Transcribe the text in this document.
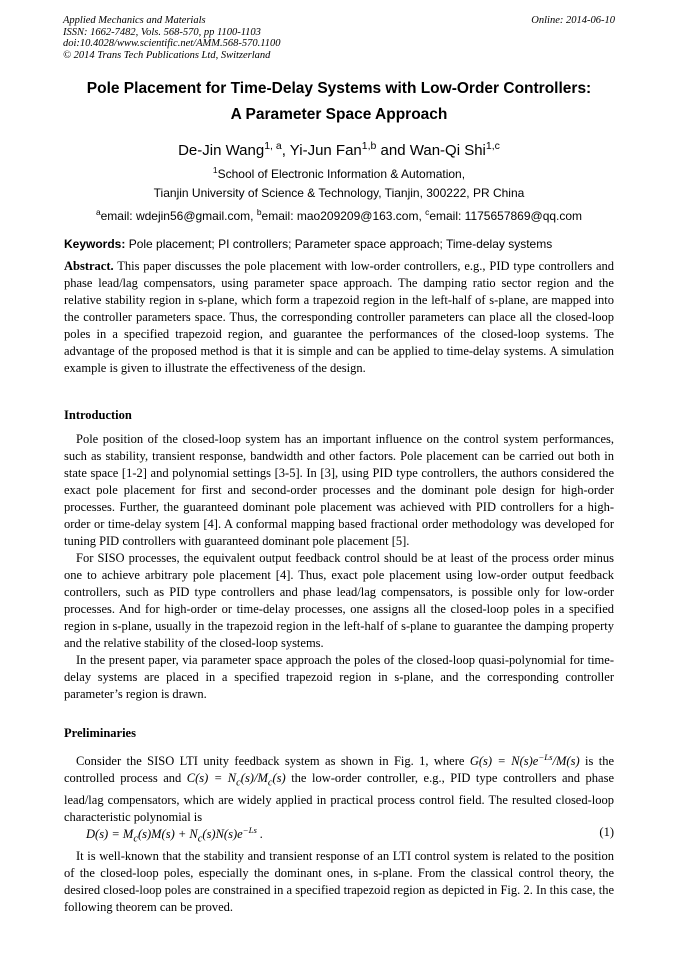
Applied Mechanics and Materials
ISSN: 1662-7482, Vols. 568-570, pp 1100-1103
doi:10.4028/www.scientific.net/AMM.568-570.1100
© 2014 Trans Tech Publications Ltd, Switzerland
Online: 2014-06-10
Pole Placement for Time-Delay Systems with Low-Order Controllers:
A Parameter Space Approach
De-Jin Wang$^{1, a}$, Yi-Jun Fan$^{1,b}$ and Wan-Qi Shi$^{1,c}$
$^1$School of Electronic Information & Automation,
Tianjin University of Science & Technology, Tianjin, 300222, PR China
$^a$email: wdejin56@gmail.com, $^b$email: mao209209@163.com, $^c$email: 1175657869@qq.com
Keywords: Pole placement; PI controllers; Parameter space approach; Time-delay systems

Abstract. This paper discusses the pole placement with low-order controllers, e.g., PID type controllers and phase lead/lag compensators, using parameter space approach. The damping ratio sector region and the relative stability region in s-plane, which form a trapezoid region in the left-half of s-plane, are mapped into the controller parameters space. Thus, the corresponding controller parameters can place all the closed-loop poles in a specified trapezoid region, and guarantee the performances of the closed-loop systems. The advantage of the proposed method is that it is simple and can be applied to time-delay systems. A simulation example is given to illustrate the effectiveness of the design.

Introduction

Pole position of the closed-loop system has an important influence on the control system performances, such as stability, transient response, bandwidth and other factors. Pole placement can be carried out both in state space [1-2] and polynomial settings [3-5]. In [3], using PID type controllers, the authors considered the exact pole placement for first and second-order processes and the dominant pole design for high-order processes. Further, the guaranteed dominant pole placement was achieved with PID controllers for a high-order or time-delay system [4]. A conformal mapping based fractional order methodology was developed for tuning PID controllers with guaranteed dominant pole placement [5].

For SISO processes, the equivalent output feedback control should be at least of the process order minus one to achieve arbitrary pole placement [4]. Thus, exact pole placement using low-order output feedback controllers, such as PID type controllers and phase lead/lag compensators, is possible only for low-order processes. And for high-order or time-delay processes, one assigns all the closed-loop poles in a specified region in s-plane, usually in the trapezoid region in the left-half of s-plane to guarantee the damping property and the relative stability of the closed-loop systems.

In the present paper, via parameter space approach the poles of the closed-loop quasi-polynomial for time-delay systems are placed in a specified trapezoid region in s-plane, and the corresponding controller parameter’s region is drawn.

Preliminaries

Consider the SISO LTI unity feedback system as shown in Fig. 1, where $G(s) = N(s)e^{-Ls}/M(s)$ is the controlled process and $C(s) = N_c(s)/M_c(s)$ the low-order controller, e.g., PID type controllers and phase lead/lag compensators, which are widely applied in practical process control field. The resulted closed-loop characteristic polynomial is

$D(s) = M_c(s)M(s) + N_c(s)N(s)e^{-Ls}$ .	(1)

It is well-known that the stability and transient response of an LTI control system is related to the position of the closed-loop poles, especially the dominant ones, in s-plane. From the classical control theory, the desired closed-loop poles are constrained in a specified trapezoid region as depicted in Fig. 2. In this case, the following theorem can be proved.
